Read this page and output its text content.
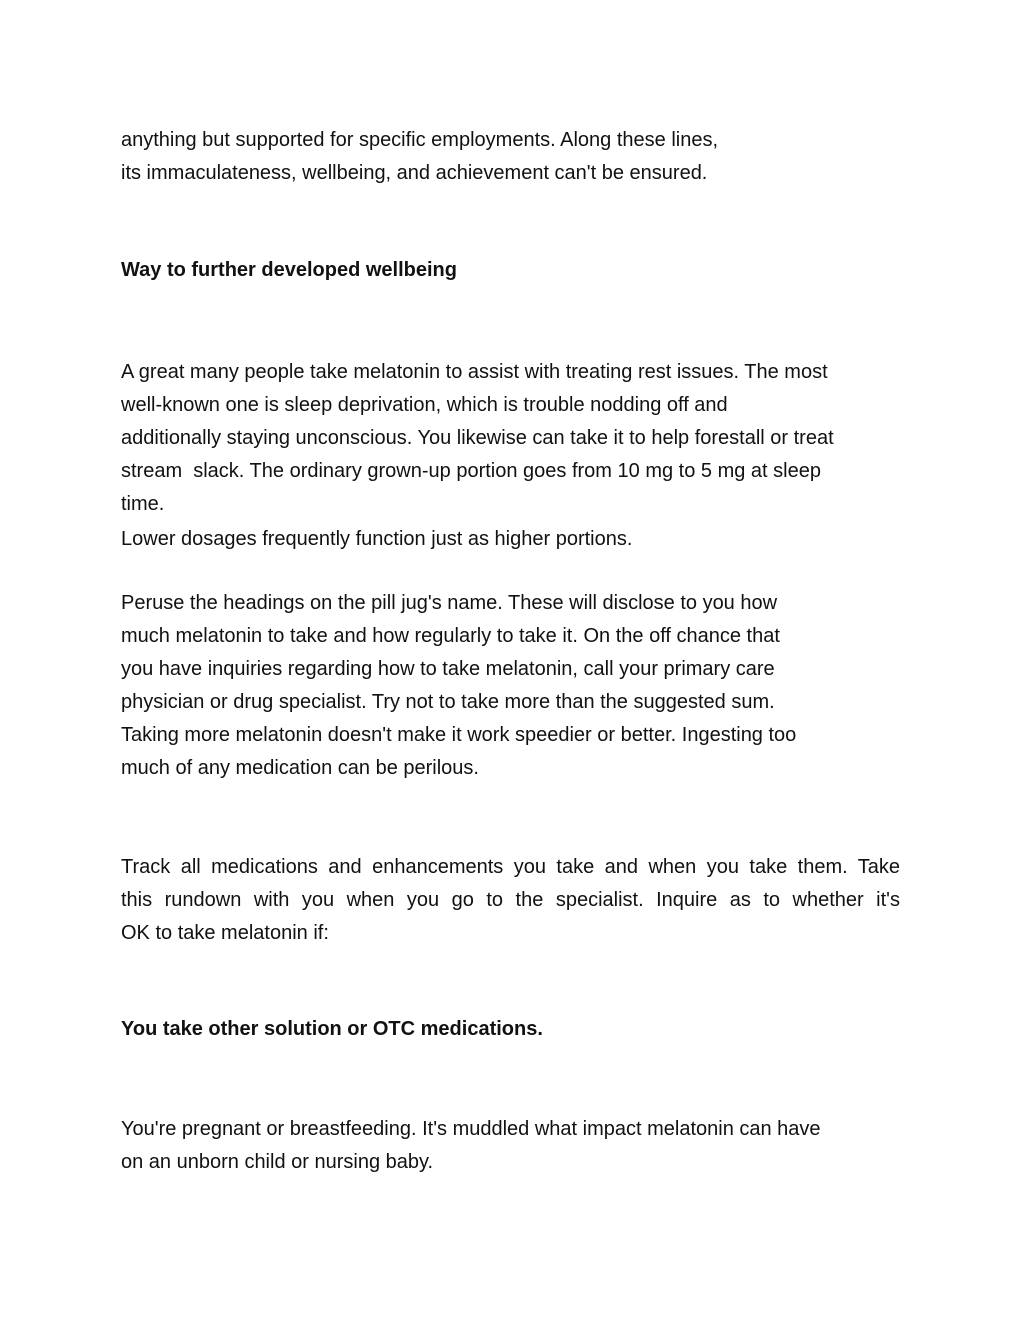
anything but supported for specific employments. Along these lines,
its immaculateness, wellbeing, and achievement can't be ensured.
Way to further developed wellbeing
A great many people take melatonin to assist with treating rest issues. The most
well-known one is sleep deprivation, which is trouble nodding off and
additionally staying unconscious. You likewise can take it to help forestall or treat
stream  slack. The ordinary grown-up portion goes from 10 mg to 5 mg at sleep
time.
Lower dosages frequently function just as higher portions.
Peruse the headings on the pill jug's name. These will disclose to you how
much melatonin to take and how regularly to take it. On the off chance that
you have inquiries regarding how to take melatonin, call your primary care
physician or drug specialist. Try not to take more than the suggested sum.
Taking more melatonin doesn't make it work speedier or better. Ingesting too
much of any medication can be perilous.
Track all medications and enhancements you take and when you take them. Take
this rundown with you when you go to the specialist. Inquire as to whether it's
OK to take melatonin if:
You take other solution or OTC medications.
You're pregnant or breastfeeding. It's muddled what impact melatonin can have
on an unborn child or nursing baby.
